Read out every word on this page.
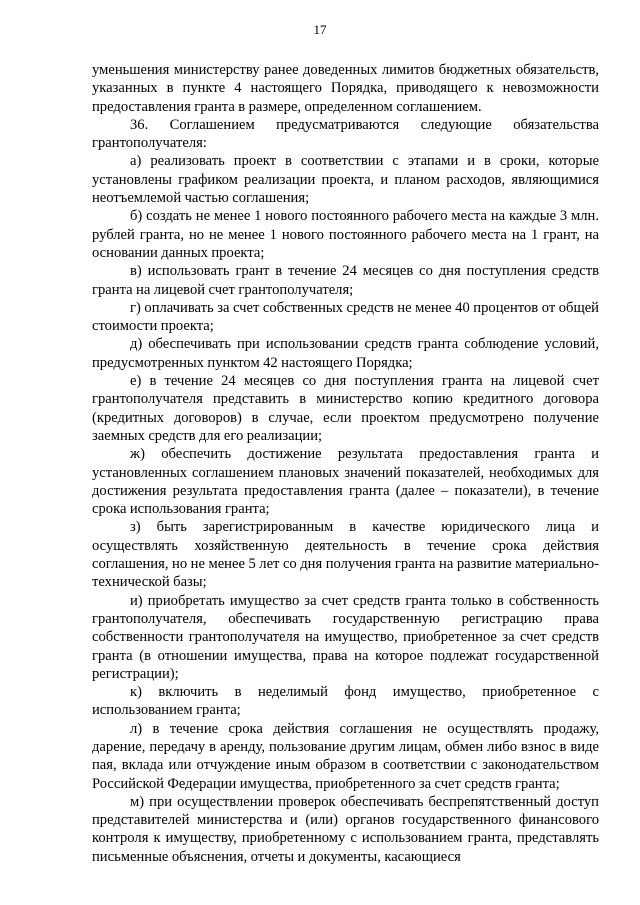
17

уменьшения министерству ранее доведенных лимитов бюджетных обязательств, указанных в пункте 4 настоящего Порядка, приводящего к невозможности предоставления гранта в размере, определенном соглашением.

36. Соглашением предусматриваются следующие обязательства грантополучателя:

а) реализовать проект в соответствии с этапами и в сроки, которые установлены графиком реализации проекта, и планом расходов, являющимися неотъемлемой частью соглашения;

б) создать не менее 1 нового постоянного рабочего места на каждые 3 млн. рублей гранта, но не менее 1 нового постоянного рабочего места на 1 грант, на основании данных проекта;

в) использовать грант в течение 24 месяцев со дня поступления средств гранта на лицевой счет грантополучателя;

г) оплачивать за счет собственных средств не менее 40 процентов от общей стоимости проекта;

д) обеспечивать при использовании средств гранта соблюдение условий, предусмотренных пунктом 42 настоящего Порядка;

е) в течение 24 месяцев со дня поступления гранта на лицевой счет грантополучателя представить в министерство копию кредитного договора (кредитных договоров) в случае, если проектом предусмотрено получение заемных средств для его реализации;

ж) обеспечить достижение результата предоставления гранта и установленных соглашением плановых значений показателей, необходимых для достижения результата предоставления гранта (далее – показатели), в течение срока использования гранта;

з) быть зарегистрированным в качестве юридического лица и осуществлять хозяйственную деятельность в течение срока действия соглашения, но не менее 5 лет со дня получения гранта на развитие материально-технической базы;

и) приобретать имущество за счет средств гранта только в собственность грантополучателя, обеспечивать государственную регистрацию права собственности грантополучателя на имущество, приобретенное за счет средств гранта (в отношении имущества, права на которое подлежат государственной регистрации);

к) включить в неделимый фонд имущество, приобретенное с использованием гранта;

л) в течение срока действия соглашения не осуществлять продажу, дарение, передачу в аренду, пользование другим лицам, обмен либо взнос в виде пая, вклада или отчуждение иным образом в соответствии с законодательством Российской Федерации имущества, приобретенного за счет средств гранта;

м) при осуществлении проверок обеспечивать беспрепятственный доступ представителей министерства и (или) органов государственного финансового контроля к имуществу, приобретенному с использованием гранта, представлять письменные объяснения, отчеты и документы, касающиеся
